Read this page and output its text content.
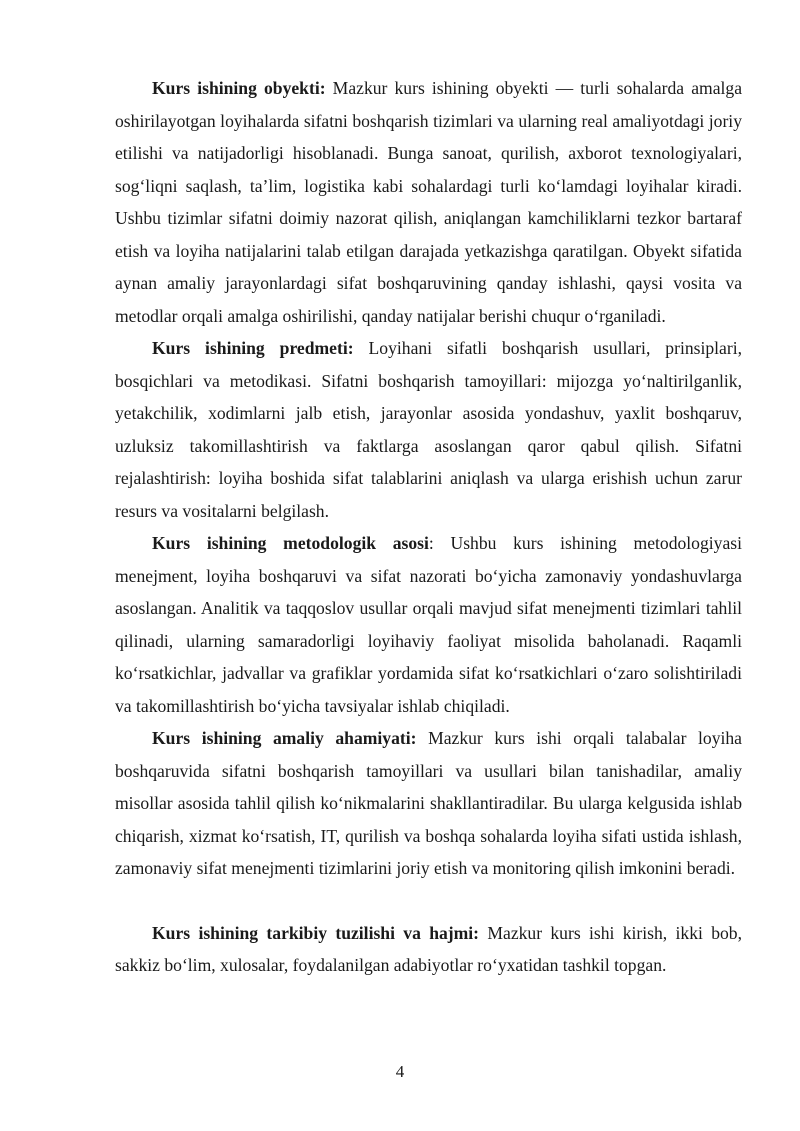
Kurs ishining obyekti: Mazkur kurs ishining obyekti — turli sohalarda amalga oshirilayotgan loyihalarda sifatni boshqarish tizimlari va ularning real amaliyotdagi joriy etilishi va natijadorligi hisoblanadi. Bunga sanoat, qurilish, axborot texnologiyalari, sog‘liqni saqlash, ta’lim, logistika kabi sohalardagi turli ko‘lamdagi loyihalar kiradi. Ushbu tizimlar sifatni doimiy nazorat qilish, aniqlangan kamchiliklarni tezkor bartaraf etish va loyiha natijalarini talab etilgan darajada yetkazishga qaratilgan. Obyekt sifatida aynan amaliy jarayonlardagi sifat boshqaruvining qanday ishlashi, qaysi vosita va metodlar orqali amalga oshirilishi, qanday natijalar berishi chuqur o‘rganiladi.

Kurs ishining predmeti: Loyihani sifatli boshqarish usullari, prinsiplari, bosqichlari va metodikasi. Sifatni boshqarish tamoyillari: mijozga yo‘naltirilganlik, yetakchilik, xodimlarni jalb etish, jarayonlar asosida yondashuv, yaxlit boshqaruv, uzluksiz takomillashtirish va faktlarga asoslangan qaror qabul qilish. Sifatni rejalashtirish: loyiha boshida sifat talablarini aniqlash va ularga erishish uchun zarur resurs va vositalarni belgilash.

Kurs ishining metodologik asosi: Ushbu kurs ishining metodologiyasi menejment, loyiha boshqaruvi va sifat nazorati bo‘yicha zamonaviy yondashuvlarga asoslangan. Analitik va taqqoslov usullar orqali mavjud sifat menejmenti tizimlari tahlil qilinadi, ularning samaradorligi loyihaviy faoliyat misolida baholanadi. Raqamli ko‘rsatkichlar, jadvallar va grafiklar yordamida sifat ko‘rsatkichlari o‘zaro solishtiriladi va takomillashtirish bo‘yicha tavsiyalar ishlab chiqiladi.

Kurs ishining amaliy ahamiyati: Mazkur kurs ishi orqali talabalar loyiha boshqaruvida sifatni boshqarish tamoyillari va usullari bilan tanishadilar, amaliy misollar asosida tahlil qilish ko‘nikmalarini shakllantiradilar. Bu ularga kelgusida ishlab chiqarish, xizmat ko‘rsatish, IT, qurilish va boshqa sohalarda loyiha sifati ustida ishlash, zamonaviy sifat menejmenti tizimlarini joriy etish va monitoring qilish imkonini beradi.

Kurs ishining tarkibiy tuzilishi va hajmi: Mazkur kurs ishi kirish, ikki bob, sakkiz bo‘lim, xulosalar, foydalanilgan adabiyotlar ro‘yxatidan tashkil topgan.

4
